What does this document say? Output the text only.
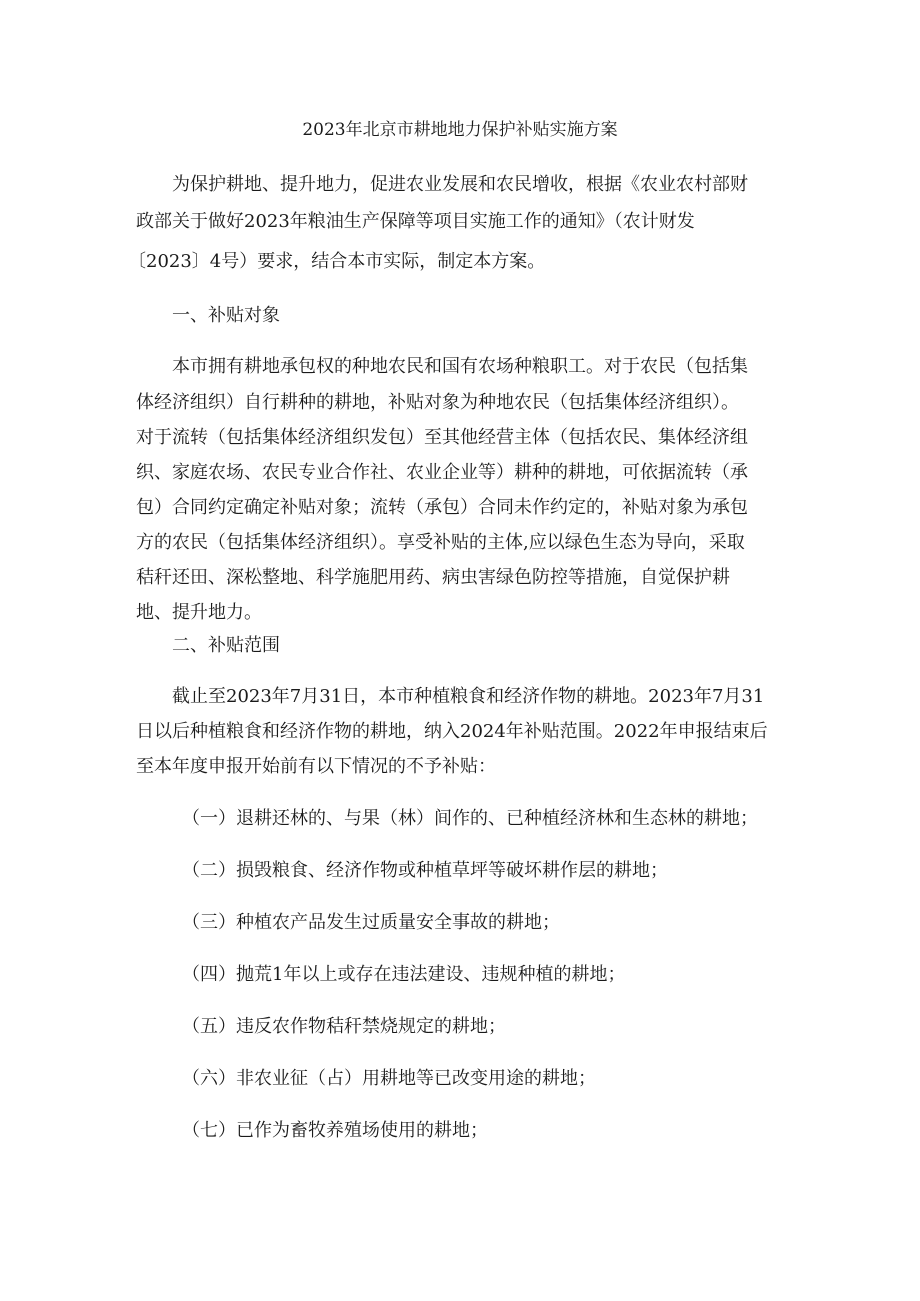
2023年北京市耕地地力保护补贴实施方案
为保护耕地、提升地力，促进农业发展和农民增收，根据《农业农村部财
政部关于做好2023年粮油生产保障等项目实施工作的通知》（农计财发
〔2023〕4号）要求，结合本市实际，制定本方案。
一、补贴对象
本市拥有耕地承包权的种地农民和国有农场种粮职工。对于农民（包括集
体经济组织）自行耕种的耕地，补贴对象为种地农民（包括集体经济组织）。
对于流转（包括集体经济组织发包）至其他经营主体（包括农民、集体经济组
织、家庭农场、农民专业合作社、农业企业等）耕种的耕地，可依据流转（承
包）合同约定确定补贴对象；流转（承包）合同未作约定的，补贴对象为承包
方的农民（包括集体经济组织）。享受补贴的主体,应以绿色生态为导向，采取
秸秆还田、深松整地、科学施肥用药、病虫害绿色防控等措施，自觉保护耕
地、提升地力。
二、补贴范围
截止至2023年7月31日，本市种植粮食和经济作物的耕地。2023年7月31
日以后种植粮食和经济作物的耕地，纳入2024年补贴范围。2022年申报结束后
至本年度申报开始前有以下情况的不予补贴：
（一）退耕还林的、与果（林）间作的、已种植经济林和生态林的耕地；
（二）损毁粮食、经济作物或种植草坪等破坏耕作层的耕地；
（三）种植农产品发生过质量安全事故的耕地；
（四）抛荒1年以上或存在违法建设、违规种植的耕地；
（五）违反农作物秸秆禁烧规定的耕地；
（六）非农业征（占）用耕地等已改变用途的耕地；
（七）已作为畜牧养殖场使用的耕地；
